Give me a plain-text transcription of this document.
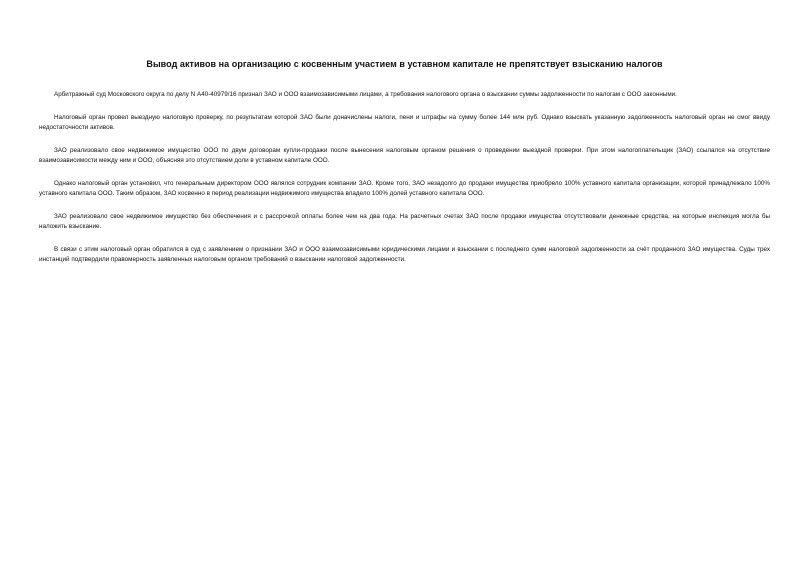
Вывод активов на организацию с косвенным участием в уставном капитале не препятствует взысканию налогов

Арбитражный суд Московского округа по делу N А40-40979/16 признал ЗАО и ООО взаимозависимыми лицами, а требования налогового органа о взыскании суммы задолженности по налогам с ООО законными.

Налоговый орган провел выездную налоговую проверку, по результатам которой ЗАО были доначислены налоги, пени и штрафы на сумму более 144 млн руб. Однако взыскать указанную задолженность налоговый орган не смог ввиду недостаточности активов.

ЗАО реализовало свое недвижимое имущество ООО по двум договорам купли-продажи после вынесения налоговым органом решения о проведении выездной проверки. При этом налогоплательщик (ЗАО) ссылался на отсутствие взаимозависимости между ним и ООО, объясняя это отсутствием доли в уставном капитале ООО.

Однако налоговый орган установил, что генеральным директором ООО являлся сотрудник компании ЗАО. Кроме того, ЗАО незадолго до продажи имущества приобрело 100% уставного капитала организации, которой принадлежало 100% уставного капитала ООО. Таким образом, ЗАО косвенно в период реализации недвижимого имущества владело 100% долей уставного капитала ООО.

ЗАО реализовало свое недвижимое имущество без обеспечения и с рассрочкой оплаты более чем на два года. На расчетных счетах ЗАО после продажи имущества отсутствовали денежные средства, на которые инспекция могла бы наложить взыскание.

В связи с этим налоговый орган обратился в суд с заявлением о признании ЗАО и ООО взаимозависимыми юридическими лицами и взыскании с последнего сумм налоговой задолженности за счёт проданного ЗАО имущества. Суды трех инстанций подтвердили правомерность заявленных налоговым органом требований о взыскании налоговой задолженности.
